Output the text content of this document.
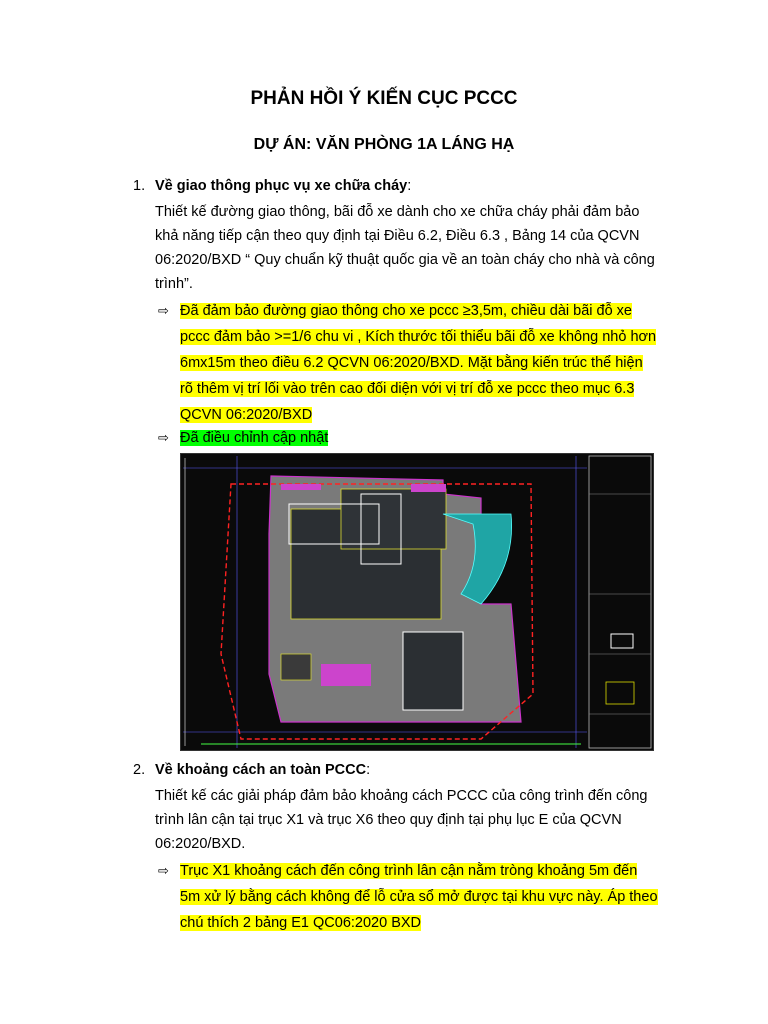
PHẢN HỒI Ý KIẾN CỤC PCCC
DỰ ÁN: VĂN PHÒNG 1A LÁNG HẠ
1. Về giao thông phục vụ xe chữa cháy:
Thiết kế đường giao thông, bãi đỗ xe dành cho xe chữa cháy phải đảm bảo
khả năng tiếp cận theo quy định tại Điều 6.2, Điều 6.3 , Bảng 14 của QCVN
06:2020/BXD “ Quy chuẩn kỹ thuật quốc gia về an toàn cháy cho nhà và công
trình”.
⇨ Đã đảm bảo đường giao thông cho xe pccc ≥3,5m, chiều dài bãi đỗ xe
pccc đảm bảo >=1/6 chu vi , Kích thước tối thiểu bãi đỗ xe không nhỏ hơn
6mx15m theo điều 6.2 QCVN 06:2020/BXD. Mặt bằng kiến trúc thể hiện
rõ thêm vị trí lối vào trên cao đối diện với vị trí đỗ xe pccc theo mục 6.3
QCVN 06:2020/BXD
⇨ Đã điều chỉnh cập nhật
2. Về khoảng cách an toàn PCCC:
Thiết kế các giải pháp đảm bảo khoảng cách PCCC của công trình đến công
trình lân cận tại trục X1 và trục X6 theo quy định tại phụ lục E của QCVN
06:2020/BXD.
⇨ Trục X1 khoảng cách đến công trình lân cận nằm tròng khoảng 5m đến
5m xử lý bằng cách không để lỗ cửa sổ mở được tại khu vực này. Áp theo
chú thích 2 bảng E1 QC06:2020 BXD
